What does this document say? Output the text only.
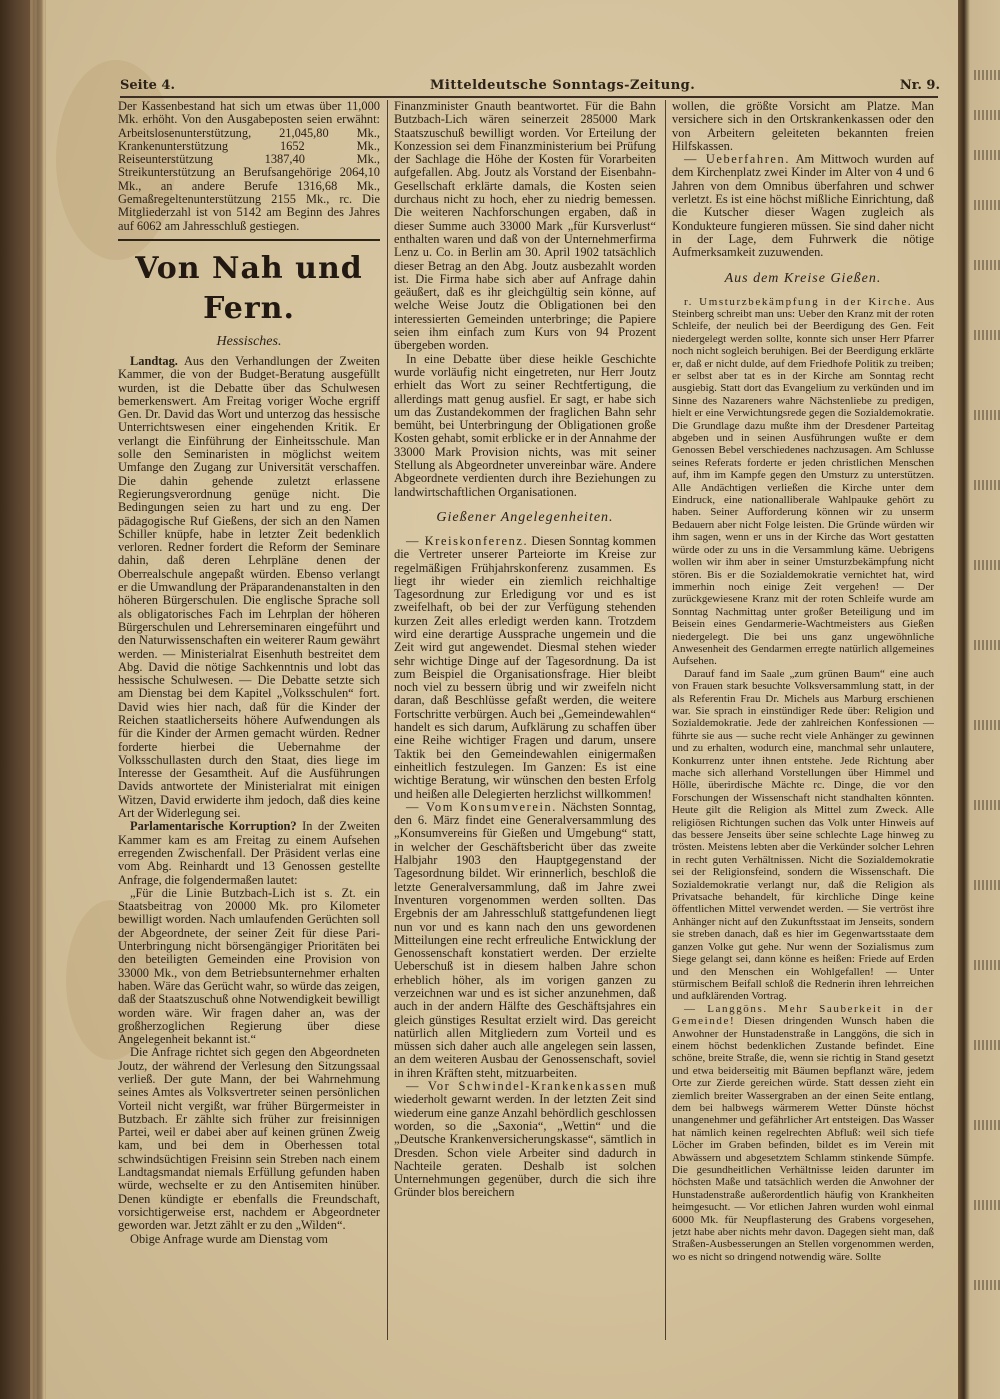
Seite 4.	Mitteldeutsche Sonntags-Zeitung.	Nr. 9.

Der Kassenbestand hat sich um etwas über 11,000 Mk. erhöht. Von den Ausgabeposten seien erwähnt: Arbeitslosenunterstützung, 21,045,80 Mk., Krankenunterstützung 1652 Mk., Reiseunterstützung 1387,40 Mk., Streikunterstützung an Berufsangehörige 2064,10 Mk., an andere Berufe 1316,68 Mk., Gemaßregeltenunterstützung 2155 Mk., rc. Die Mitgliederzahl ist von 5142 am Beginn des Jahres auf 6062 am Jahresschluß gestiegen.

Von Nah und Fern.
Hessisches.

Landtag. Aus den Verhandlungen der Zweiten Kammer, die von der Budget-Beratung ausgefüllt wurden, ist die Debatte über das Schulwesen bemerkenswert. Am Freitag voriger Woche ergriff Gen. Dr. David das Wort und unterzog das hessische Unterrichtswesen einer eingehenden Kritik. Er verlangt die Einführung der Einheitsschule. Man solle den Seminaristen in möglichst weitem Umfange den Zugang zur Universität verschaffen. Die dahin gehende zuletzt erlassene Regierungsverordnung genüge nicht. Die Bedingungen seien zu hart und zu eng. Der pädagogische Ruf Gießens, der sich an den Namen Schiller knüpfe, habe in letzter Zeit bedenklich verloren. Redner fordert die Reform der Seminare dahin, daß deren Lehrpläne denen der Oberrealschule angepaßt würden. Ebenso verlangt er die Umwandlung der Präparandenanstalten in den höheren Bürgerschulen. Die englische Sprache soll als obligatorisches Fach im Lehrplan der höheren Bürgerschulen und Lehrerseminaren eingeführt und den Naturwissenschaften ein weiterer Raum gewährt werden. — Ministerialrat Eisenhuth bestreitet dem Abg. David die nötige Sachkenntnis und lobt das hessische Schulwesen. — Die Debatte setzte sich am Dienstag bei dem Kapitel „Volksschulen“ fort. David wies hier nach, daß für die Kinder der Reichen staatlicherseits höhere Aufwendungen als für die Kinder der Armen gemacht würden. Redner forderte hierbei die Uebernahme der Volksschullasten durch den Staat, dies liege im Interesse der Gesamtheit. Auf die Ausführungen Davids antwortete der Ministerialrat mit einigen Witzen, David erwiderte ihm jedoch, daß dies keine Art der Widerlegung sei.

Parlamentarische Korruption? In der Zweiten Kammer kam es am Freitag zu einem Aufsehen erregenden Zwischenfall. Der Präsident verlas eine vom Abg. Reinhardt und 13 Genossen gestellte Anfrage, die folgendermaßen lautet:

„Für die Linie Butzbach-Lich ist s. Zt. ein Staatsbeitrag von 20000 Mk. pro Kilometer bewilligt worden. Nach umlaufenden Gerüchten soll der Abgeordnete, der seiner Zeit für diese Pari-Unterbringung nicht börsengängiger Prioritäten bei den beteiligten Gemeinden eine Provision von 33000 Mk., von dem Betriebsunternehmer erhalten haben. Wäre das Gerücht wahr, so würde das zeigen, daß der Staatszuschuß ohne Notwendigkeit bewilligt worden wäre. Wir fragen daher an, was der großherzoglichen Regierung über diese Angelegenheit bekannt ist.“

Die Anfrage richtet sich gegen den Abgeordneten Joutz, der während der Verlesung den Sitzungssaal verließ. Der gute Mann, der bei Wahrnehmung seines Amtes als Volksvertreter seinen persönlichen Vorteil nicht vergißt, war früher Bürgermeister in Butzbach. Er zählte sich früher zur freisinnigen Partei, weil er dabei aber auf keinen grünen Zweig kam, und bei dem in Oberhessen total schwindsüchtigen Freisinn sein Streben nach einem Landtagsmandat niemals Erfüllung gefunden haben würde, wechselte er zu den Antisemiten hinüber. Denen kündigte er ebenfalls die Freundschaft, vorsichtigerweise erst, nachdem er Abgeordneter geworden war. Jetzt zählt er zu den „Wilden“.

Obige Anfrage wurde am Dienstag vom

Finanzminister Gnauth beantwortet. Für die Bahn Butzbach-Lich wären seinerzeit 285000 Mark Staatszuschuß bewilligt worden. Vor Erteilung der Konzession sei dem Finanzministerium bei Prüfung der Sachlage die Höhe der Kosten für Vorarbeiten aufgefallen. Abg. Joutz als Vorstand der Eisenbahn-Gesellschaft erklärte damals, die Kosten seien durchaus nicht zu hoch, eher zu niedrig bemessen. Die weiteren Nachforschungen ergaben, daß in dieser Summe auch 33000 Mark „für Kursverlust“ enthalten waren und daß von der Unternehmerfirma Lenz u. Co. in Berlin am 30. April 1902 tatsächlich dieser Betrag an den Abg. Joutz ausbezahlt worden ist. Die Firma habe sich aber auf Anfrage dahin geäußert, daß es ihr gleichgültig sein könne, auf welche Weise Joutz die Obligationen bei den interessierten Gemeinden unterbringe; die Papiere seien ihm einfach zum Kurs von 94 Prozent übergeben worden.

In eine Debatte über diese heikle Geschichte wurde vorläufig nicht eingetreten, nur Herr Joutz erhielt das Wort zu seiner Rechtfertigung, die allerdings matt genug ausfiel. Er sagt, er habe sich um das Zustandekommen der fraglichen Bahn sehr bemüht, bei Unterbringung der Obligationen große Kosten gehabt, somit erblicke er in der Annahme der 33000 Mark Provision nichts, was mit seiner Stellung als Abgeordneter unvereinbar wäre. Andere Abgeordnete verdienten durch ihre Beziehungen zu landwirtschaftlichen Organisationen.

Gießener Angelegenheiten.

— Kreiskonferenz. Diesen Sonntag kommen die Vertreter unserer Parteiorte im Kreise zur regelmäßigen Frühjahrskonferenz zusammen. Es liegt ihr wieder ein ziemlich reichhaltige Tagesordnung zur Erledigung vor und es ist zweifelhaft, ob bei der zur Verfügung stehenden kurzen Zeit alles erledigt werden kann. Trotzdem wird eine derartige Aussprache ungemein und die Zeit wird gut angewendet. Diesmal stehen wieder sehr wichtige Dinge auf der Tagesordnung. Da ist zum Beispiel die Organisationsfrage. Hier bleibt noch viel zu bessern übrig und wir zweifeln nicht daran, daß Beschlüsse gefaßt werden, die weitere Fortschritte verbürgen. Auch bei „Gemeindewahlen“ handelt es sich darum, Aufklärung zu schaffen über eine Reihe wichtiger Fragen und darum, unsere Taktik bei den Gemeindewahlen einigermaßen einheitlich festzulegen. Im Ganzen: Es ist eine wichtige Beratung, wir wünschen den besten Erfolg und heißen alle Delegierten herzlichst willkommen!

— Vom Konsumverein. Nächsten Sonntag, den 6. März findet eine Generalversammlung des „Konsumvereins für Gießen und Umgebung“ statt, in welcher der Geschäftsbericht über das zweite Halbjahr 1903 den Hauptgegenstand der Tagesordnung bildet. Wir erinnerlich, beschloß die letzte Generalversammlung, daß im Jahre zwei Inventuren vorgenommen werden sollten. Das Ergebnis der am Jahresschluß stattgefundenen liegt nun vor und es kann nach den uns gewordenen Mitteilungen eine recht erfreuliche Entwicklung der Genossenschaft konstatiert werden. Der erzielte Ueberschuß ist in diesem halben Jahre schon erheblich höher, als im vorigen ganzen zu verzeichnen war und es ist sicher anzunehmen, daß auch in der andern Hälfte des Geschäftsjahres ein gleich günstiges Resultat erzielt wird. Das gereicht natürlich allen Mitgliedern zum Vorteil und es müssen sich daher auch alle angelegen sein lassen, an dem weiteren Ausbau der Genossenschaft, soviel in ihren Kräften steht, mitzuarbeiten.

— Vor Schwindel-Krankenkassen muß wiederholt gewarnt werden. In der letzten Zeit sind wiederum eine ganze Anzahl behördlich geschlossen worden, so die „Saxonia“, „Wettin“ und die „Deutsche Krankenversicherungskasse“, sämtlich in Dresden. Schon viele Arbeiter sind dadurch in Nachteile geraten. Deshalb ist solchen Unternehmungen gegenüber, durch die sich ihre Gründer blos bereichern

wollen, die größte Vorsicht am Platze. Man versichere sich in den Ortskrankenkassen oder den von Arbeitern geleiteten bekannten freien Hilfskassen.

— Ueberfahren. Am Mittwoch wurden auf dem Kirchenplatz zwei Kinder im Alter von 4 und 6 Jahren von dem Omnibus überfahren und schwer verletzt. Es ist eine höchst mißliche Einrichtung, daß die Kutscher dieser Wagen zugleich als Kondukteure fungieren müssen. Sie sind daher nicht in der Lage, dem Fuhrwerk die nötige Aufmerksamkeit zuzuwenden.

Aus dem Kreise Gießen.

r. Umsturzbekämpfung in der Kirche. Aus Steinberg schreibt man uns: Ueber den Kranz mit der roten Schleife, der neulich bei der Beerdigung des Gen. Feit niedergelegt werden sollte, konnte sich unser Herr Pfarrer noch nicht sogleich beruhigen. Bei der Beerdigung erklärte er, daß er nicht dulde, auf dem Friedhofe Politik zu treiben; er selbst aber tat es in der Kirche am Sonntag recht ausgiebig. Statt dort das Evangelium zu verkünden und im Sinne des Nazareners wahre Nächstenliebe zu predigen, hielt er eine Verwichtungsrede gegen die Sozialdemokratie. Die Grundlage dazu mußte ihm der Dresdener Parteitag abgeben und in seinen Ausführungen wußte er dem Genossen Bebel verschiedenes nachzusagen. Am Schlusse seines Referats forderte er jeden christlichen Menschen auf, ihm im Kampfe gegen den Umsturz zu unterstützen. Alle Andächtigen verließen die Kirche unter dem Eindruck, eine nationalliberale Wahlpauke gehört zu haben. Seiner Aufforderung können wir zu unserm Bedauern aber nicht Folge leisten. Die Gründe würden wir ihm sagen, wenn er uns in der Kirche das Wort gestatten würde oder zu uns in die Versammlung käme. Uebrigens wollen wir ihm aber in seiner Umsturzbekämpfung nicht stören. Bis er die Sozialdemokratie vernichtet hat, wird immerhin noch einige Zeit vergehen! — Der zurückgewiesene Kranz mit der roten Schleife wurde am Sonntag Nachmittag unter großer Beteiligung und im Beisein eines Gendarmerie-Wachtmeisters aus Gießen niedergelegt. Die bei uns ganz ungewöhnliche Anwesenheit des Gendarmen erregte natürlich allgemeines Aufsehen.

Darauf fand im Saale „zum grünen Baum“ eine auch von Frauen stark besuchte Volksversammlung statt, in der als Referentin Frau Dr. Michels aus Marburg erschienen war. Sie sprach in einstündiger Rede über: Religion und Sozialdemokratie. Jede der zahlreichen Konfessionen — führte sie aus — suche recht viele Anhänger zu gewinnen und zu erhalten, wodurch eine, manchmal sehr unlautere, Konkurrenz unter ihnen entstehe. Jede Richtung aber mache sich allerhand Vorstellungen über Himmel und Hölle, überirdische Mächte rc. Dinge, die vor den Forschungen der Wissenschaft nicht standhalten könnten. Heute gilt die Religion als Mittel zum Zweck. Alle religiösen Richtungen suchen das Volk unter Hinweis auf das bessere Jenseits über seine schlechte Lage hinweg zu trösten. Meistens lebten aber die Verkünder solcher Lehren in recht guten Verhältnissen. Nicht die Sozialdemokratie sei der Religionsfeind, sondern die Wissenschaft. Die Sozialdemokratie verlangt nur, daß die Religion als Privatsache behandelt, für kirchliche Dinge keine öffentlichen Mittel verwendet werden. — Sie vertröst ihre Anhänger nicht auf den Zukunftsstaat im Jenseits, sondern sie streben danach, daß es hier im Gegenwartsstaate dem ganzen Volke gut gehe. Nur wenn der Sozialismus zum Siege gelangt sei, dann könne es heißen: Friede auf Erden und den Menschen ein Wohlgefallen! — Unter stürmischem Beifall schloß die Rednerin ihren lehrreichen und aufklärenden Vortrag.

— Langgöns. Mehr Sauberkeit in der Gemeinde! Diesen dringenden Wunsch haben die Anwohner der Hunstadenstraße in Langgöns, die sich in einem höchst bedenklichen Zustande befindet. Eine schöne, breite Straße, die, wenn sie richtig in Stand gesetzt und etwa beiderseitig mit Bäumen bepflanzt wäre, jedem Orte zur Zierde gereichen würde. Statt dessen zieht ein ziemlich breiter Wassergraben an der einen Seite entlang, dem bei halbwegs wärmerem Wetter Dünste höchst unangenehmer und gefährlicher Art entsteigen. Das Wasser hat nämlich keinen regelrechten Abfluß: weil sich tiefe Löcher im Graben befinden, bildet es im Verein mit Abwässern und abgesetztem Schlamm stinkende Sümpfe. Die gesundheitlichen Verhältnisse leiden darunter im höchsten Maße und tatsächlich werden die Anwohner der Hunstadenstraße außerordentlich häufig von Krankheiten heimgesucht. — Vor etlichen Jahren wurden wohl einmal 6000 Mk. für Neupflasterung des Grabens vorgesehen, jetzt habe aber nichts mehr davon. Dagegen sieht man, daß Straßen-Ausbesserungen an Stellen vorgenommen werden, wo es nicht so dringend notwendig wäre. Sollte
